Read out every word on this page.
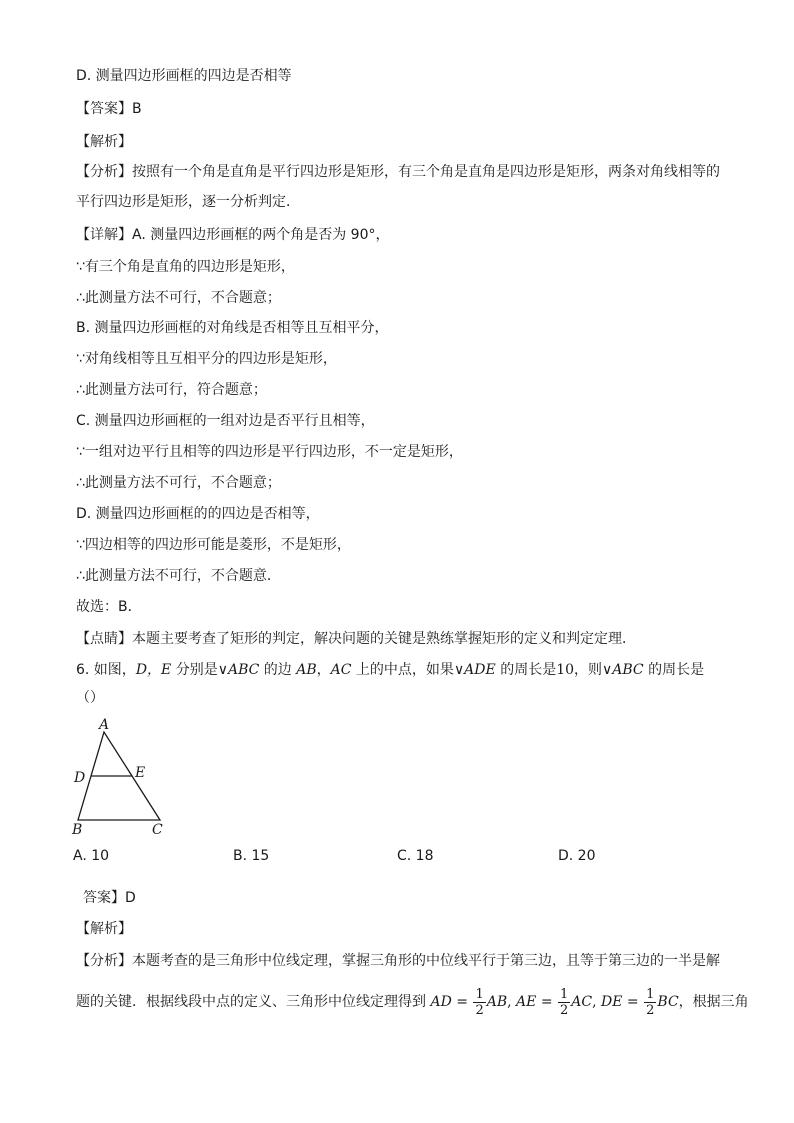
D. 测量四边形画框的四边是否相等
【答案】B
【解析】
【分析】按照有一个角是直角是平行四边形是矩形，有三个角是直角是四边形是矩形，两条对角线相等的
平行四边形是矩形，逐一分析判定．
【详解】A. 测量四边形画框的两个角是否为 90°，
∵有三个角是直角的四边形是矩形，
∴此测量方法不可行，不合题意；
B. 测量四边形画框的对角线是否相等且互相平分，
∵对角线相等且互相平分的四边形是矩形，
∴此测量方法可行，符合题意；
C. 测量四边形画框的一组对边是否平行且相等，
∵一组对边平行且相等的四边形是平行四边形，不一定是矩形，
∴此测量方法不可行，不合题意；
D. 测量四边形画框的的四边是否相等，
∵四边相等的四边形可能是菱形，不是矩形，
∴此测量方法不可行，不合题意．
故选：B．
【点睛】本题主要考查了矩形的判定，解决问题的关键是熟练掌握矩形的定义和判定定理．
6. 如图，D，E 分别是∨ABC 的边 AB，AC 上的中点，如果∨ADE 的周长是10，则∨ABC 的周长是
（）
A
D	E
B	C
A. 10	B. 15	C. 18	D. 20
答案】D
【解析】
【分析】本题考查的是三角形中位线定理，掌握三角形的中位线平行于第三边，且等于第三边的一半是解
题的关键．根据线段中点的定义、三角形中位线定理得到 AD = $\frac{1}{2}$ AB, AE = $\frac{1}{2}$ AC, DE = $\frac{1}{2}$ BC，根据三角
